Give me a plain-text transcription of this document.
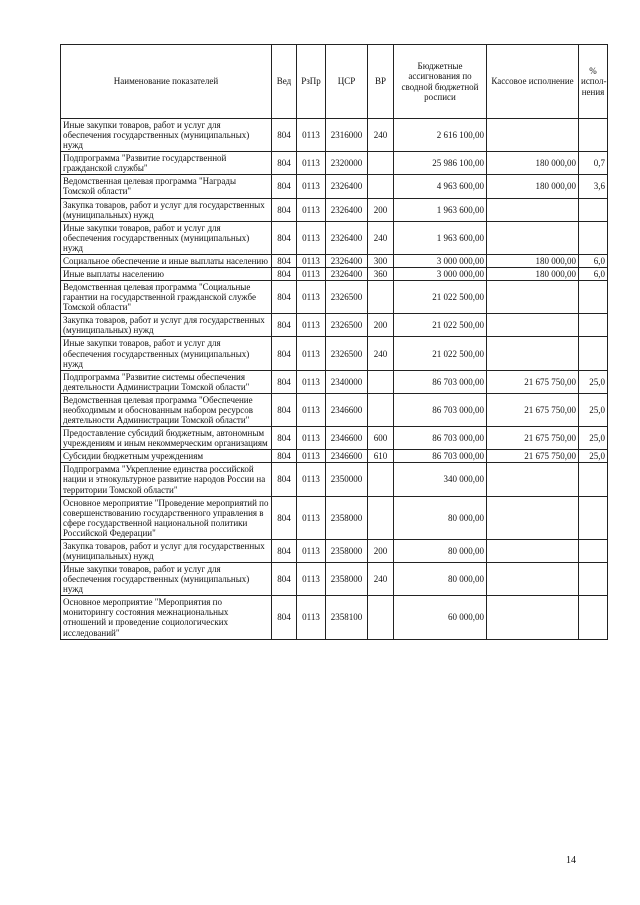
Наименование показателей	Вед	РзПр	ЦСР	ВР	Бюджетные ассигнования по сводной бюджетной росписи	Кассовое исполнение	% испол-нения
Иные закупки товаров, работ и услуг для обеспечения государственных (муниципальных) нужд	804	0113	2316000	240	2 616 100,00		
Подпрограмма "Развитие государственной гражданской службы"	804	0113	2320000		25 986 100,00	180 000,00	0,7
Ведомственная целевая программа "Награды Томской области"	804	0113	2326400		4 963 600,00	180 000,00	3,6
Закупка товаров, работ и услуг для государственных (муниципальных) нужд	804	0113	2326400	200	1 963 600,00		
Иные закупки товаров, работ и услуг для обеспечения государственных (муниципальных) нужд	804	0113	2326400	240	1 963 600,00		
Социальное обеспечение и иные выплаты населению	804	0113	2326400	300	3 000 000,00	180 000,00	6,0
Иные выплаты населению	804	0113	2326400	360	3 000 000,00	180 000,00	6,0
Ведомственная целевая программа "Социальные гарантии на государственной гражданской службе Томской области"	804	0113	2326500		21 022 500,00		
Закупка товаров, работ и услуг для государственных (муниципальных) нужд	804	0113	2326500	200	21 022 500,00		
Иные закупки товаров, работ и услуг для обеспечения государственных (муниципальных) нужд	804	0113	2326500	240	21 022 500,00		
Подпрограмма "Развитие системы обеспечения деятельности Администрации Томской области"	804	0113	2340000		86 703 000,00	21 675 750,00	25,0
Ведомственная целевая программа "Обеспечение необходимым и обоснованным набором ресурсов деятельности Администрации Томской области"	804	0113	2346600		86 703 000,00	21 675 750,00	25,0
Предоставление субсидий бюджетным, автономным учреждениям и иным некоммерческим организациям	804	0113	2346600	600	86 703 000,00	21 675 750,00	25,0
Субсидии бюджетным учреждениям	804	0113	2346600	610	86 703 000,00	21 675 750,00	25,0
Подпрограмма "Укрепление единства российской нации и этнокультурное развитие народов России на территории Томской области"	804	0113	2350000		340 000,00		
Основное мероприятие "Проведение мероприятий по совершенствованию государственного управления в сфере государственной национальной политики Российской Федерации"	804	0113	2358000		80 000,00		
Закупка товаров, работ и услуг для государственных (муниципальных) нужд	804	0113	2358000	200	80 000,00		
Иные закупки товаров, работ и услуг для обеспечения государственных (муниципальных) нужд	804	0113	2358000	240	80 000,00		
Основное мероприятие "Мероприятия по мониторингу состояния межнациональных отношений и проведение социологических исследований"	804	0113	2358100		60 000,00		
14
